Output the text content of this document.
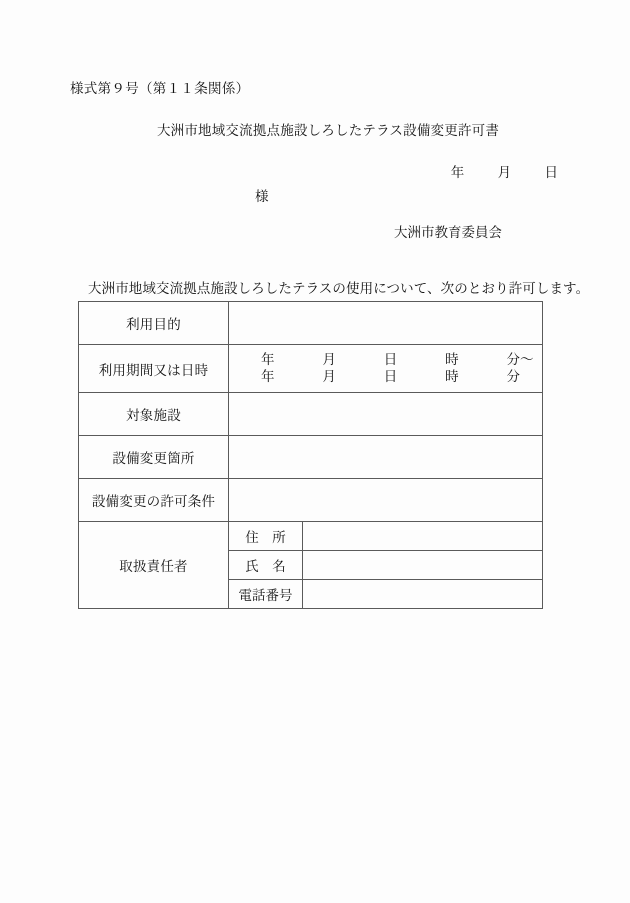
様式第９号（第１１条関係）
大洲市地域交流拠点施設しろしたテラス設備変更許可書
年 月 日
様
大洲市教育委員会
大洲市地域交流拠点施設しろしたテラスの使用について、次のとおり許可します。
利用目的		
利用期間又は日時	年 月 日 時 分～
年 月 日 時 分	

対象施設		
設備変更箇所		
設備変更の許可条件		
取扱責任者	住　所	
	氏　名	
	電話番号	
